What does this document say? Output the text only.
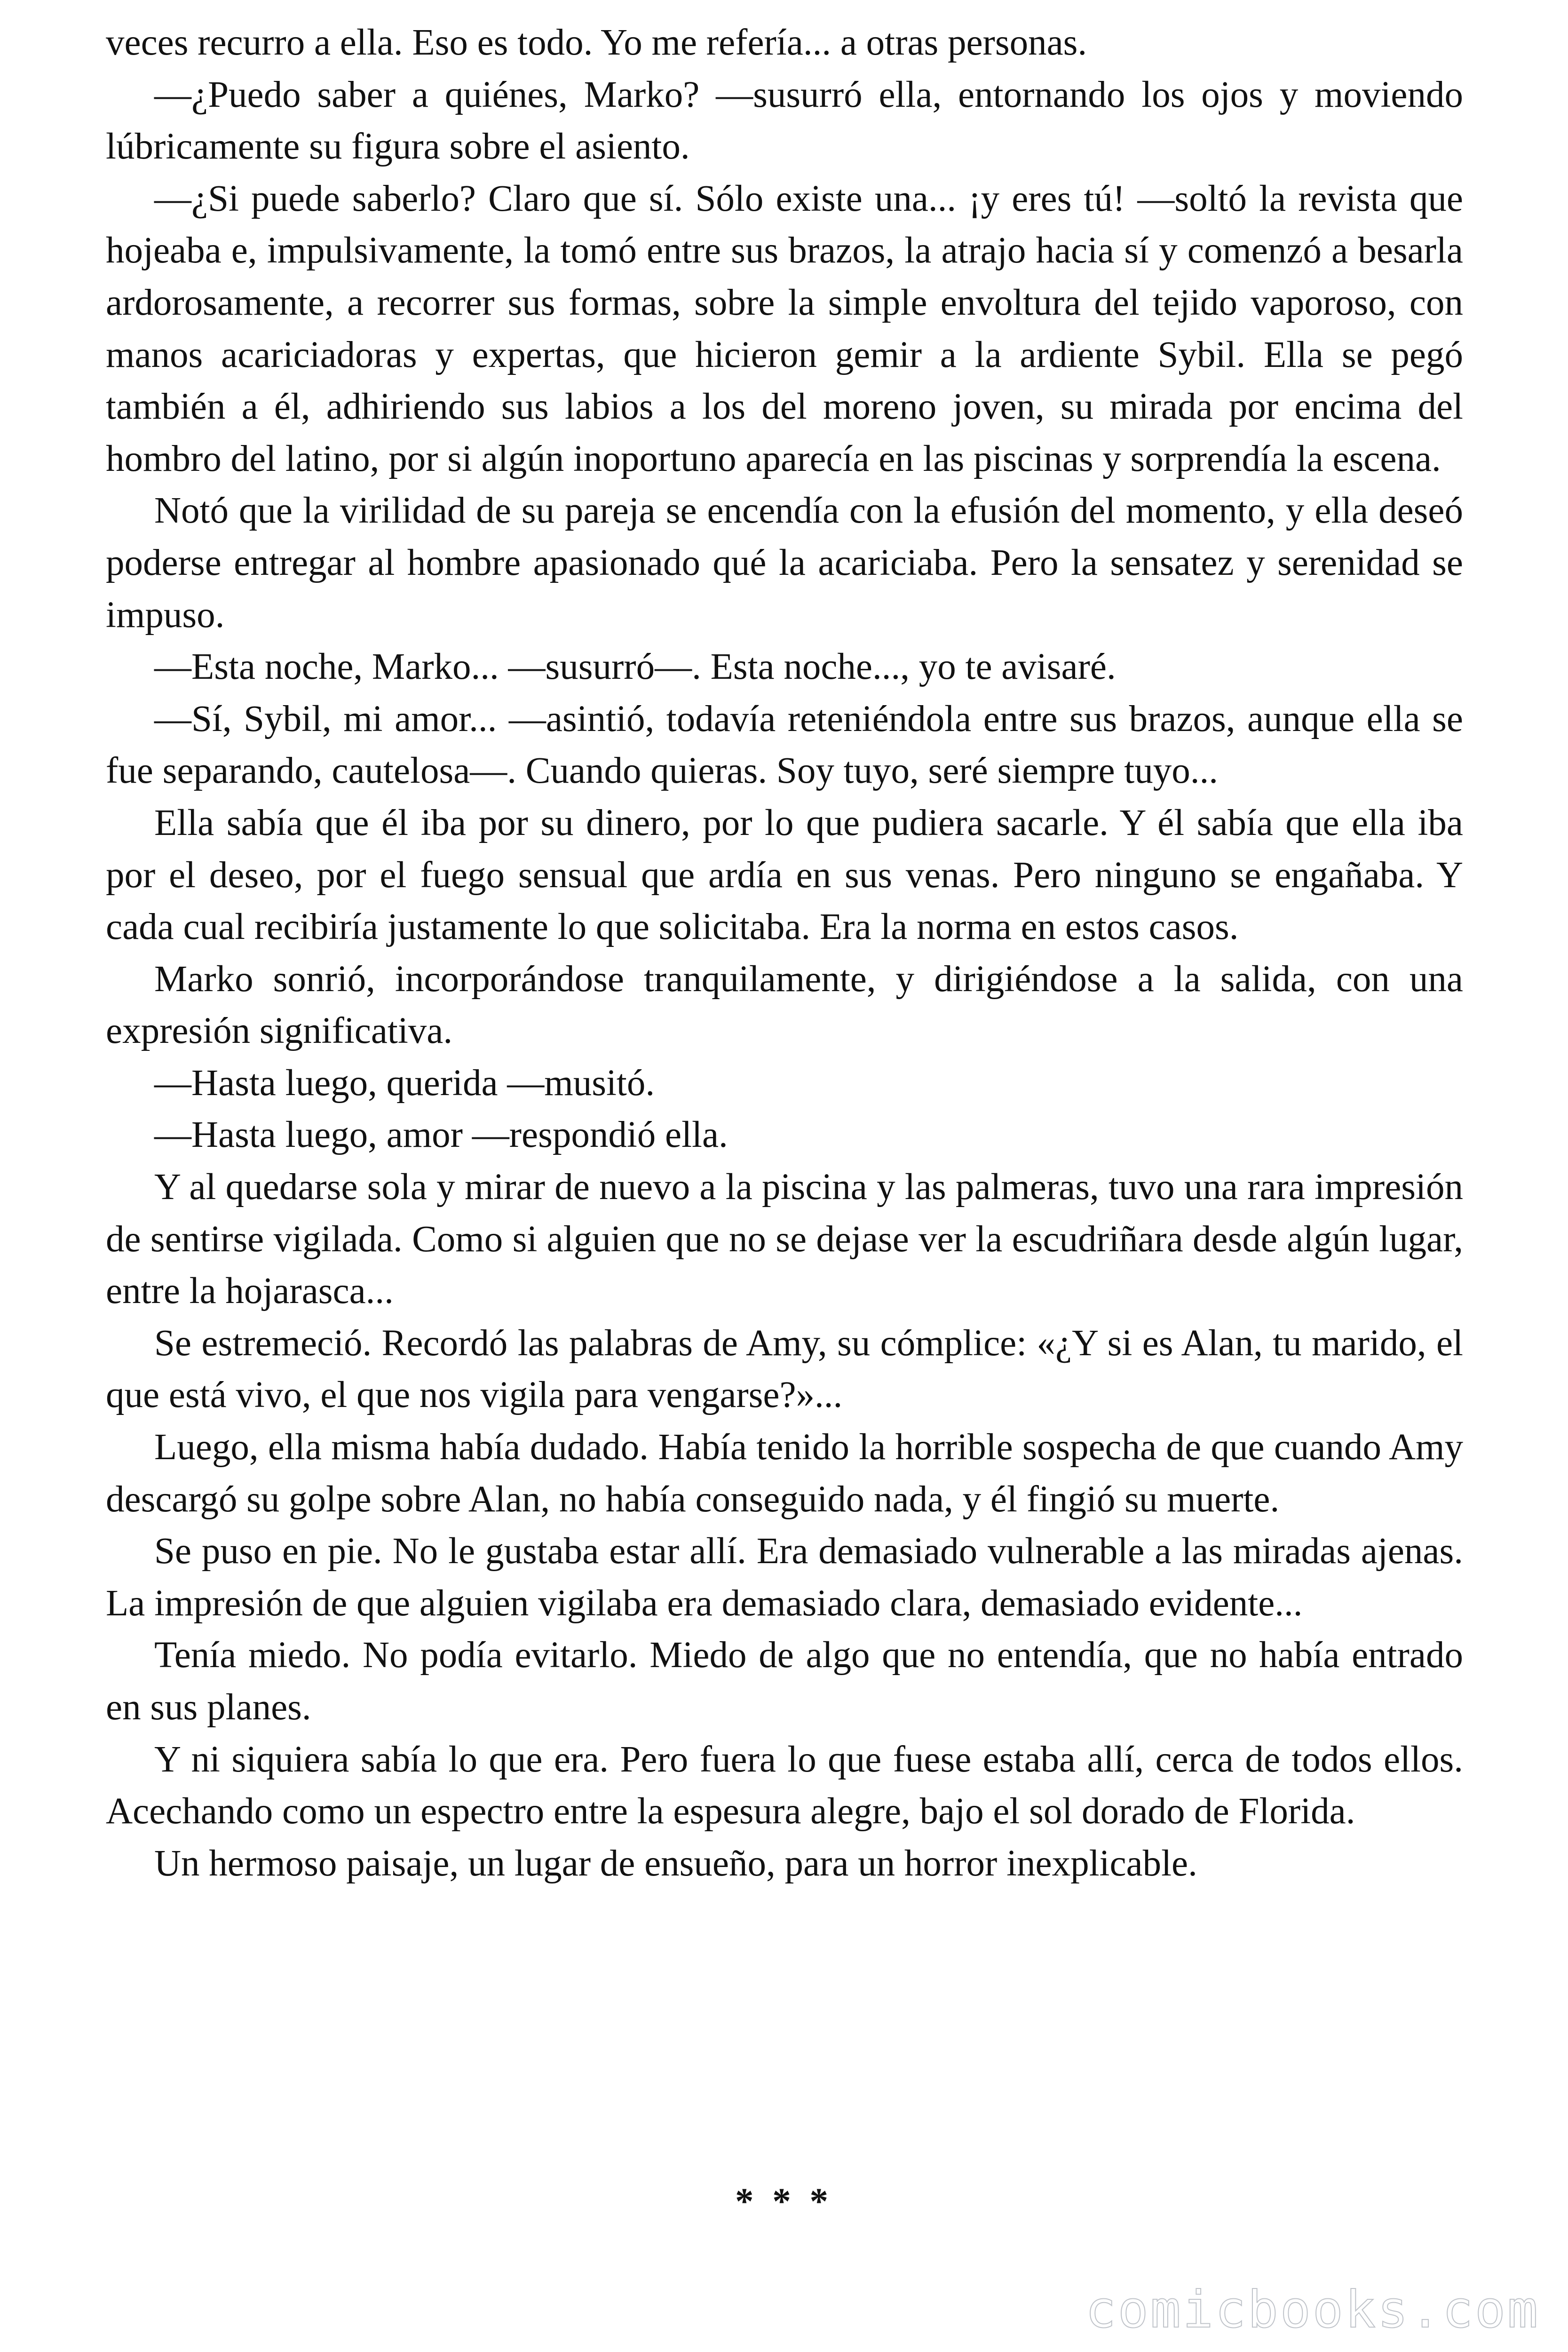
veces recurro a ella. Eso es todo. Yo me refería... a otras personas.

—¿Puedo saber a quiénes, Marko? —susurró ella, entornando los ojos y moviendo lúbricamente su figura sobre el asiento.

—¿Si puede saberlo? Claro que sí. Sólo existe una... ¡y eres tú! —soltó la revista que hojeaba e, impulsivamente, la tomó entre sus brazos, la atrajo hacia sí y comenzó a besarla ardorosamente, a recorrer sus formas, sobre la simple envoltura del tejido vaporoso, con manos acariciadoras y expertas, que hicieron gemir a la ardiente Sybil. Ella se pegó también a él, adhiriendo sus labios a los del moreno joven, su mirada por encima del hombro del latino, por si algún inoportuno aparecía en las piscinas y sorprendía la escena.

Notó que la virilidad de su pareja se encendía con la efusión del momento, y ella deseó poderse entregar al hombre apasionado qué la acariciaba. Pero la sensatez y serenidad se impuso.

—Esta noche, Marko... —susurró—. Esta noche..., yo te avisaré.

—Sí, Sybil, mi amor... —asintió, todavía reteniéndola entre sus brazos, aunque ella se fue separando, cautelosa—. Cuando quieras. Soy tuyo, seré siempre tuyo...

Ella sabía que él iba por su dinero, por lo que pudiera sacarle. Y él sabía que ella iba por el deseo, por el fuego sensual que ardía en sus venas. Pero ninguno se engañaba. Y cada cual recibiría justamente lo que solicitaba. Era la norma en estos casos.

Marko sonrió, incorporándose tranquilamente, y dirigiéndose a la salida, con una expresión significativa.

—Hasta luego, querida —musitó.

—Hasta luego, amor —respondió ella.

Y al quedarse sola y mirar de nuevo a la piscina y las palmeras, tuvo una rara impresión de sentirse vigilada. Como si alguien que no se dejase ver la escudriñara desde algún lugar, entre la hojarasca...

Se estremeció. Recordó las palabras de Amy, su cómplice: «¿Y si es Alan, tu marido, el que está vivo, el que nos vigila para vengarse?»...

Luego, ella misma había dudado. Había tenido la horrible sospecha de que cuando Amy descargó su golpe sobre Alan, no había conseguido nada, y él fingió su muerte.

Se puso en pie. No le gustaba estar allí. Era demasiado vulnerable a las miradas ajenas. La impresión de que alguien vigilaba era demasiado clara, demasiado evidente...

Tenía miedo. No podía evitarlo. Miedo de algo que no entendía, que no había entrado en sus planes.

Y ni siquiera sabía lo que era. Pero fuera lo que fuese estaba allí, cerca de todos ellos. Acechando como un espectro entre la espesura alegre, bajo el sol dorado de Florida.

Un hermoso paisaje, un lugar de ensueño, para un horror inexplicable.

* * *
comicbooks.com
